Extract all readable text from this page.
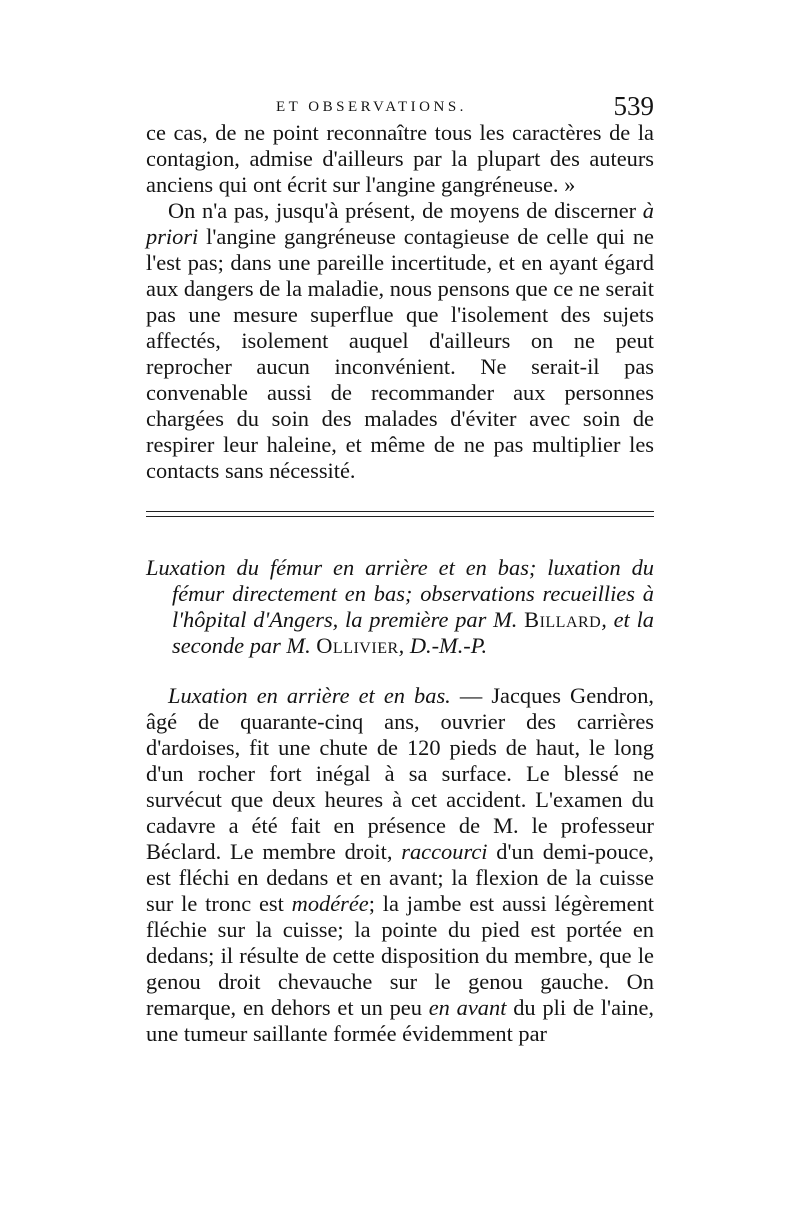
ET OBSERVATIONS.	539

ce cas, de ne point reconnaître tous les caractères de la contagion, admise d'ailleurs par la plupart des auteurs anciens qui ont écrit sur l'angine gangréneuse. »

On n'a pas, jusqu'à présent, de moyens de discerner à priori l'angine gangréneuse contagieuse de celle qui ne l'est pas; dans une pareille incertitude, et en ayant égard aux dangers de la maladie, nous pensons que ce ne serait pas une mesure superflue que l'isolement des sujets affectés, isolement auquel d'ailleurs on ne peut reprocher aucun inconvénient. Ne serait-il pas convenable aussi de recommander aux personnes chargées du soin des malades d'éviter avec soin de respirer leur haleine, et même de ne pas multiplier les contacts sans nécessité.

Luxation du fémur en arrière et en bas; luxation du fémur directement en bas; observations recueillies à l'hôpital d'Angers, la première par M. Billard, et la seconde par M. Ollivier, D.-M.-P.

Luxation en arrière et en bas. — Jacques Gendron, âgé de quarante-cinq ans, ouvrier des carrières d'ardoises, fit une chute de 120 pieds de haut, le long d'un rocher fort inégal à sa surface. Le blessé ne survécut que deux heures à cet accident. L'examen du cadavre a été fait en présence de M. le professeur Béclard. Le membre droit, raccourci d'un demi-pouce, est fléchi en dedans et en avant; la flexion de la cuisse sur le tronc est modérée; la jambe est aussi légèrement fléchie sur la cuisse; la pointe du pied est portée en dedans; il résulte de cette disposition du membre, que le genou droit chevauche sur le genou gauche. On remarque, en dehors et un peu en avant du pli de l'aine, une tumeur saillante formée évidemment par
